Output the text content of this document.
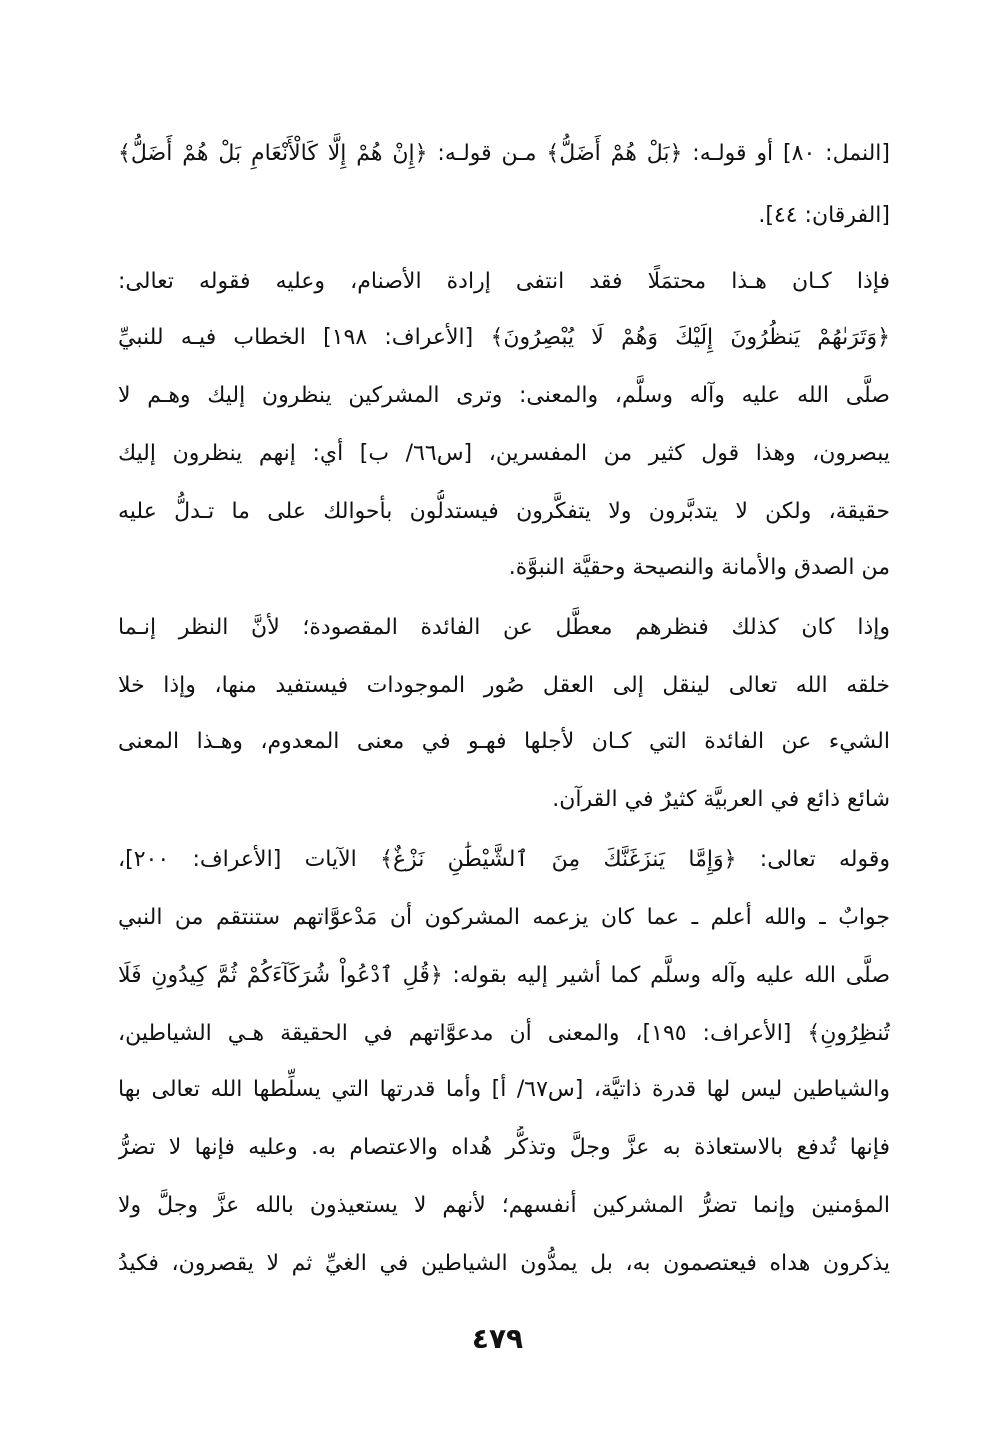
[النمل: ٨٠] أو قولـه: ﴿بَلْ هُمْ أَضَلُّ﴾ مـن قولـه: ﴿إِنْ هُمْ إِلَّا كَالْأَنْعَامِ بَلْ هُمْ أَضَلُّ﴾
[الفرقان: ٤٤].
فإذا كـان هـذا محتمَلًا فقد انتفى إرادة الأصنام، وعليه فقوله تعالى:
﴿وَتَرَىٰهُمْ يَنظُرُونَ إِلَيْكَ وَهُمْ لَا يُبْصِرُونَ﴾ [الأعراف: ١٩٨] الخطاب فيـه للنبيِّ
صلَّى الله عليه وآله وسلَّم، والمعنى: وترى المشركين ينظرون إليك وهـم لا
يبصرون، وهذا قول كثير من المفسرين، [س٦٦/ ب] أي: إنهم ينظرون إليك
حقيقة، ولكن لا يتدبَّرون ولا يتفكَّرون فيستدلُّون بأحوالك على ما تـدلُّ عليه
من الصدق والأمانة والنصيحة وحقيَّة النبوَّة.
وإذا كان كذلك فنظرهم معطَّل عن الفائدة المقصودة؛ لأنَّ النظر إنـما
خلقه الله تعالى لينقل إلى العقل صُور الموجودات فيستفيد منها، وإذا خلا
الشيء عن الفائدة التي كـان لأجلها فهـو في معنى المعدوم، وهـذا المعنى
شائع ذائع في العربيَّة كثيرٌ في القرآن.
وقوله تعالى: ﴿وَإِمَّا يَنزَغَنَّكَ مِنَ ٱلشَّيْطَٰنِ نَزْغٌ﴾ الآيات [الأعراف: ٢٠٠]،
جوابٌ ـ والله أعلم ـ عما كان يزعمه المشركون أن مَدْعوَّاتهم ستنتقم من النبي
صلَّى الله عليه وآله وسلَّم كما أشير إليه بقوله: ﴿قُلِ ٱدْعُواْ شُرَكَآءَكُمْ ثُمَّ كِيدُونِ فَلَا
تُنظِرُونِ﴾ [الأعراف: ١٩٥]، والمعنى أن مدعوَّاتهم في الحقيقة هـي الشياطين،
والشياطين ليس لها قدرة ذاتيَّة، [س٦٧/ أ] وأما قدرتها التي يسلِّطها الله تعالى بها
فإنها تُدفع بالاستعاذة به عزَّ وجلَّ وتذكُّر هُداه والاعتصام به. وعليه فإنها لا تضرُّ
المؤمنين وإنما تضرُّ المشركين أنفسهم؛ لأنهم لا يستعيذون بالله عزَّ وجلَّ ولا
يذكرون هداه فيعتصمون به، بل يمدُّون الشياطين في الغيِّ ثم لا يقصرون، فكيدُ
٤٧٩
